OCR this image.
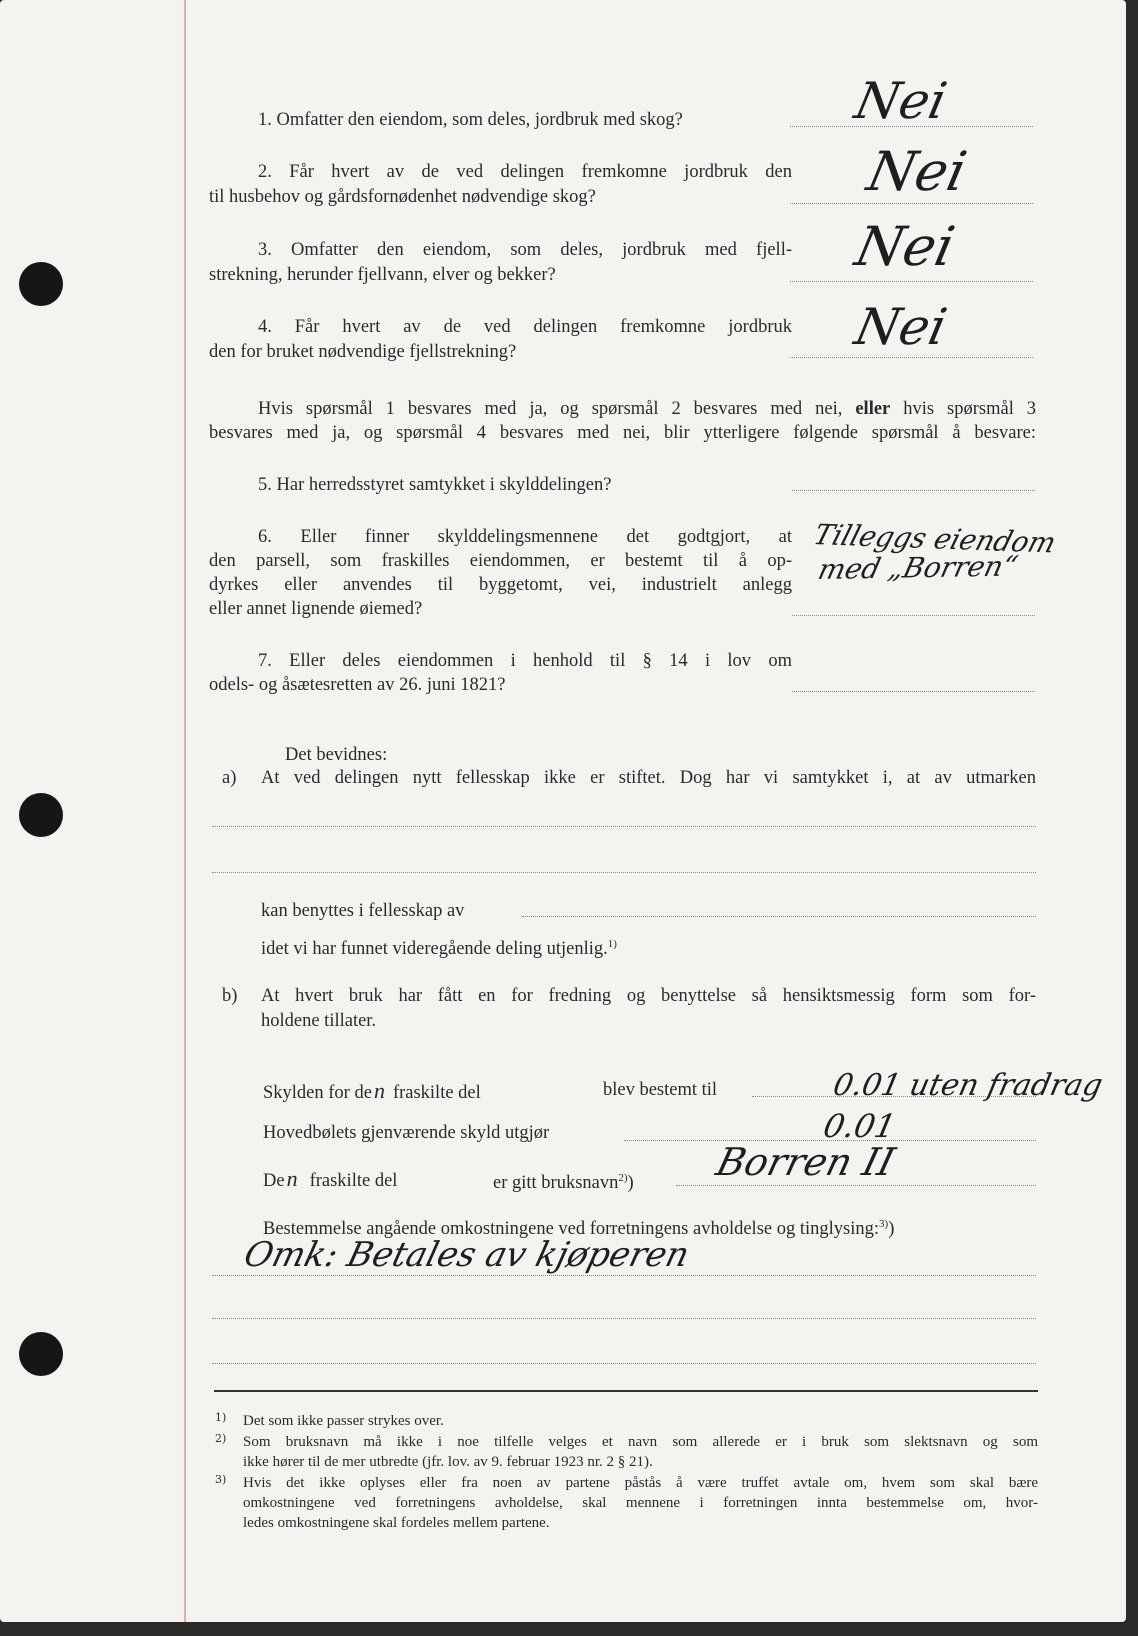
1. Omfatter den eiendom, som deles, jordbruk med skog?	Nei
2. Får hvert av de ved delingen fremkomne jordbruk den
til husbehov og gårdsfornødenhet nødvendige skog?	Nei
3. Omfatter den eiendom, som deles, jordbruk med fjell-
strekning, herunder fjellvann, elver og bekker?	Nei
4. Får hvert av de ved delingen fremkomne jordbruk
den for bruket nødvendige fjellstrekning?	Nei
Hvis spørsmål 1 besvares med ja, og spørsmål 2 besvares med nei, eller hvis spørsmål 3
besvares med ja, og spørsmål 4 besvares med nei, blir ytterligere følgende spørsmål å besvare:
5. Har herredsstyret samtykket i skylddelingen?
6. Eller finner skylddelingsmennene det godtgjort, at
den parsell, som fraskilles eiendommen, er bestemt til å op-
dyrkes eller anvendes til byggetomt, vei, industrielt anlegg
eller annet lignende øiemed?
Tilleggs eiendom
med „Borren“
7. Eller deles eiendommen i henhold til § 14 i lov om
odels- og åsætesretten av 26. juni 1821?
Det bevidnes:
a) At ved delingen nytt fellesskap ikke er stiftet. Dog har vi samtykket i, at av utmarken
kan benyttes i fellesskap av
idet vi har funnet videregående deling utjenlig.$^{1)}$
b) At hvert bruk har fått en for fredning og benyttelse så hensiktsmessig form som for-
holdene tillater.
Skylden for den fraskilte del	blev bestemt til	0.01 uten fradrag
Hovedbølets gjenværende skyld utgjør	0.01
Den fraskilte del	er gitt bruksnavn$^{2)}$) Borren II
Bestemmelse angående omkostningene ved forretningens avholdelse og tinglysing:$^{3)}$)
Omk: Betales av kjøperen
1) Det som ikke passer strykes over.
2) Som bruksnavn må ikke i noe tilfelle velges et navn som allerede er i bruk som slektsnavn og som
ikke hører til de mer utbredte (jfr. lov. av 9. februar 1923 nr. 2 § 21).
3) Hvis det ikke oplyses eller fra noen av partene påstås å være truffet avtale om, hvem som skal bære
omkostningene ved forretningens avholdelse, skal mennene i forretningen innta bestemmelse om, hvor-
ledes omkostningene skal fordeles mellem partene.
